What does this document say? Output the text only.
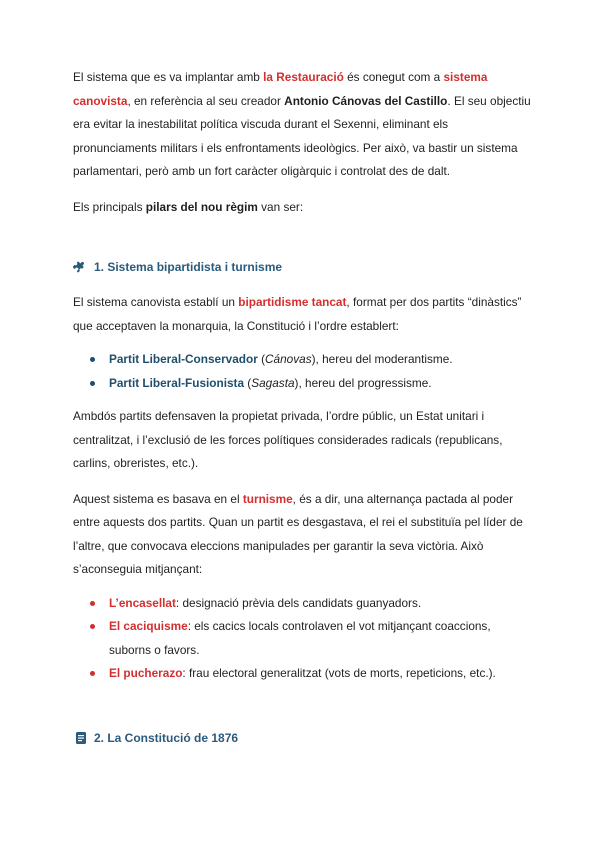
El sistema que es va implantar amb la Restauració és conegut com a sistema canovista, en referència al seu creador Antonio Cánovas del Castillo. El seu objectiu era evitar la inestabilitat política viscuda durant el Sexenni, eliminant els pronunciaments militars i els enfrontaments ideològics. Per això, va bastir un sistema parlamentari, però amb un fort caràcter oligàrquic i controlat des de dalt.

Els principals pilars del nou règim van ser:

1. Sistema bipartidista i turnisme

El sistema canovista establí un bipartidisme tancat, format per dos partits “dinàstics” que acceptaven la monarquia, la Constitució i l’ordre establert:

Partit Liberal-Conservador (Cánovas), hereu del moderantisme.
Partit Liberal-Fusionista (Sagasta), hereu del progressisme.

Ambdós partits defensaven la propietat privada, l’ordre públic, un Estat unitari i centralitzat, i l’exclusió de les forces polítiques considerades radicals (republicans, carlins, obreristes, etc.).

Aquest sistema es basava en el turnisme, és a dir, una alternança pactada al poder entre aquests dos partits. Quan un partit es desgastava, el rei el substituïa pel líder de l’altre, que convocava eleccions manipulades per garantir la seva victòria. Això s’aconseguia mitjançant:

L’encasellat: designació prèvia dels candidats guanyadors.
El caciquisme: els cacics locals controlaven el vot mitjançant coaccions, suborns o favors.
El pucherazo: frau electoral generalitzat (vots de morts, repeticions, etc.).
2. La Constitució de 1876
